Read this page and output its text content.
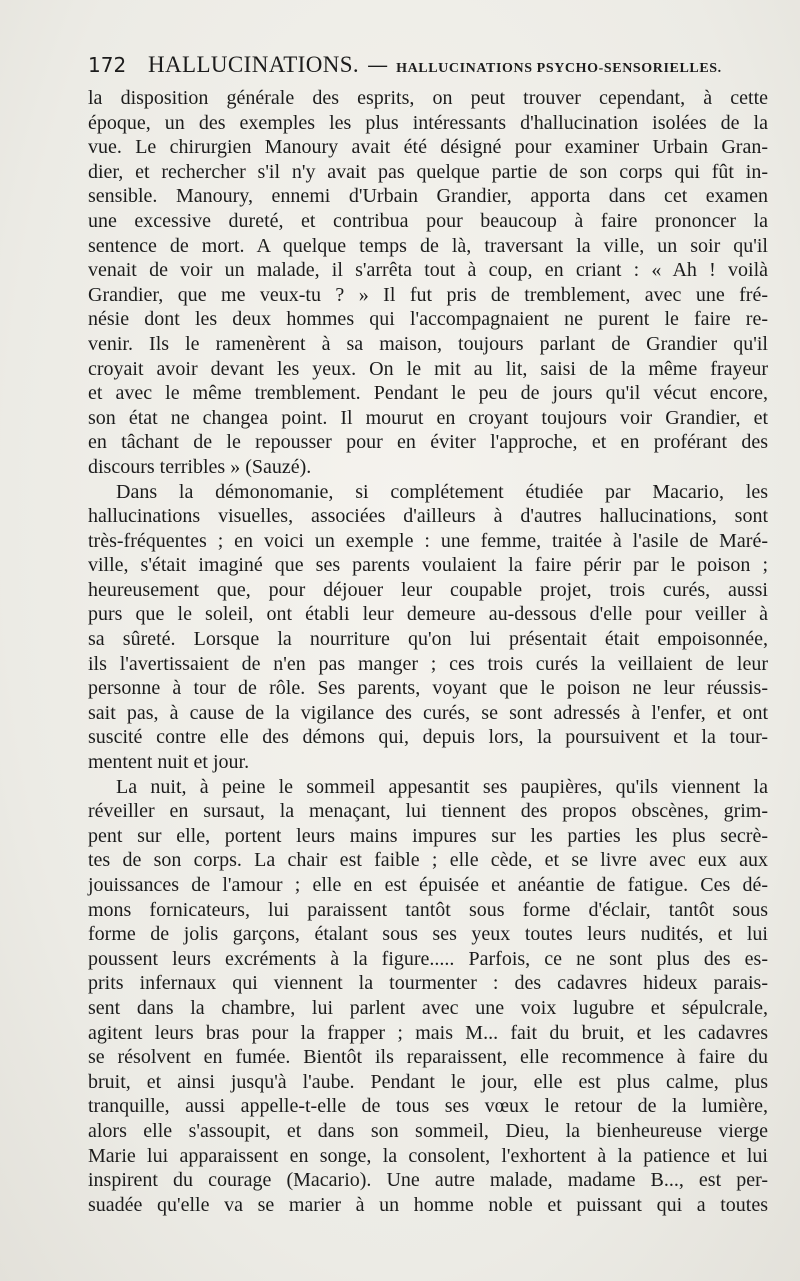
172 HALLUCINATIONS. — HALLUCINATIONS PSYCHO-SENSORIELLES.

la disposition générale des esprits, on peut trouver cependant, à cette

époque, un des exemples les plus intéressants d'hallucination isolées de la

vue. Le chirurgien Manoury avait été désigné pour examiner Urbain Gran-

dier, et rechercher s'il n'y avait pas quelque partie de son corps qui fût in-

sensible. Manoury, ennemi d'Urbain Grandier, apporta dans cet examen

une excessive dureté, et contribua pour beaucoup à faire prononcer la

sentence de mort. A quelque temps de là, traversant la ville, un soir qu'il

venait de voir un malade, il s'arrêta tout à coup, en criant : « Ah ! voilà

Grandier, que me veux-tu ? » Il fut pris de tremblement, avec une fré-

nésie dont les deux hommes qui l'accompagnaient ne purent le faire re-

venir. Ils le ramenèrent à sa maison, toujours parlant de Grandier qu'il

croyait avoir devant les yeux. On le mit au lit, saisi de la même frayeur

et avec le même tremblement. Pendant le peu de jours qu'il vécut encore,

son état ne changea point. Il mourut en croyant toujours voir Grandier, et

en tâchant de le repousser pour en éviter l'approche, et en proférant des

discours terribles » (Sauzé).

Dans la démonomanie, si complétement étudiée par Macario, les

hallucinations visuelles, associées d'ailleurs à d'autres hallucinations, sont

très-fréquentes ; en voici un exemple : une femme, traitée à l'asile de Maré-

ville, s'était imaginé que ses parents voulaient la faire périr par le poison ;

heureusement que, pour déjouer leur coupable projet, trois curés, aussi

purs que le soleil, ont établi leur demeure au-dessous d'elle pour veiller à

sa sûreté. Lorsque la nourriture qu'on lui présentait était empoisonnée,

ils l'avertissaient de n'en pas manger ; ces trois curés la veillaient de leur

personne à tour de rôle. Ses parents, voyant que le poison ne leur réussis-

sait pas, à cause de la vigilance des curés, se sont adressés à l'enfer, et ont

suscité contre elle des démons qui, depuis lors, la poursuivent et la tour-

mentent nuit et jour.

La nuit, à peine le sommeil appesantit ses paupières, qu'ils viennent la

réveiller en sursaut, la menaçant, lui tiennent des propos obscènes, grim-

pent sur elle, portent leurs mains impures sur les parties les plus secrè-

tes de son corps. La chair est faible ; elle cède, et se livre avec eux aux

jouissances de l'amour ; elle en est épuisée et anéantie de fatigue. Ces dé-

mons fornicateurs, lui paraissent tantôt sous forme d'éclair, tantôt sous

forme de jolis garçons, étalant sous ses yeux toutes leurs nudités, et lui

poussent leurs excréments à la figure..... Parfois, ce ne sont plus des es-

prits infernaux qui viennent la tourmenter : des cadavres hideux parais-

sent dans la chambre, lui parlent avec une voix lugubre et sépulcrale,

agitent leurs bras pour la frapper ; mais M... fait du bruit, et les cadavres

se résolvent en fumée. Bientôt ils reparaissent, elle recommence à faire du

bruit, et ainsi jusqu'à l'aube. Pendant le jour, elle est plus calme, plus

tranquille, aussi appelle-t-elle de tous ses vœux le retour de la lumière,

alors elle s'assoupit, et dans son sommeil, Dieu, la bienheureuse vierge

Marie lui apparaissent en songe, la consolent, l'exhortent à la patience et lui

inspirent du courage (Macario). Une autre malade, madame B..., est per-

suadée qu'elle va se marier à un homme noble et puissant qui a toutes
